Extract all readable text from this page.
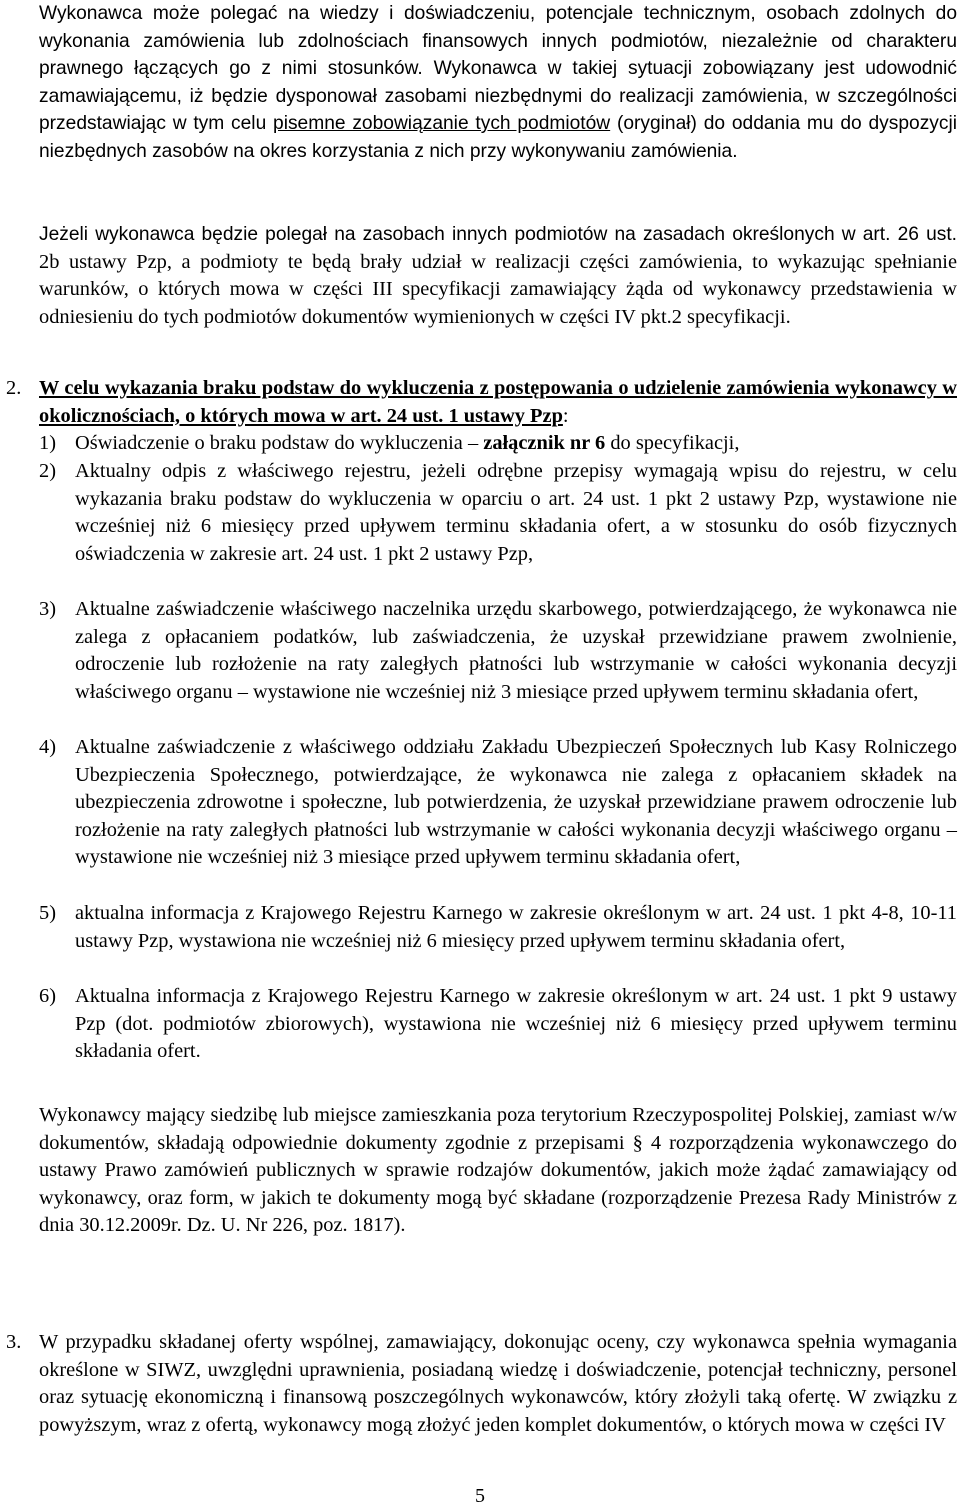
Wykonawca może polegać na wiedzy i doświadczeniu, potencjale technicznym, osobach zdolnych do wykonania zamówienia lub zdolnościach finansowych innych podmiotów, niezależnie od charakteru prawnego łączących go z nimi stosunków. Wykonawca w takiej sytuacji zobowiązany jest udowodnić zamawiającemu, iż będzie dysponował zasobami niezbędnymi do realizacji zamówienia, w szczególności przedstawiając w tym celu pisemne zobowiązanie tych podmiotów (oryginał) do oddania mu do dyspozycji niezbędnych zasobów na okres korzystania z nich przy wykonywaniu zamówienia.
Jeżeli wykonawca będzie polegał na zasobach innych podmiotów na zasadach określonych w art. 26 ust. 2b ustawy Pzp, a podmioty te będą brały udział w realizacji części zamówienia, to wykazując spełnianie warunków, o których mowa w części III specyfikacji zamawiający żąda od wykonawcy przedstawienia w odniesieniu do tych podmiotów dokumentów wymienionych w części IV pkt.2 specyfikacji.
2. W celu wykazania braku podstaw do wykluczenia z postępowania o udzielenie zamówienia wykonawcy w okolicznościach, o których mowa w art. 24 ust. 1 ustawy Pzp:
1) Oświadczenie o braku podstaw do wykluczenia – załącznik nr 6 do specyfikacji,
2) Aktualny odpis z właściwego rejestru, jeżeli odrębne przepisy wymagają wpisu do rejestru, w celu wykazania braku podstaw do wykluczenia w oparciu o art. 24 ust. 1 pkt 2 ustawy Pzp, wystawione nie wcześniej niż 6 miesięcy przed upływem terminu składania ofert, a w stosunku do osób fizycznych oświadczenia w zakresie art. 24 ust. 1 pkt 2 ustawy Pzp,
3) Aktualne zaświadczenie właściwego naczelnika urzędu skarbowego, potwierdzającego, że wykonawca nie zalega z opłacaniem podatków, lub zaświadczenia, że uzyskał przewidziane prawem zwolnienie, odroczenie lub rozłożenie na raty zaległych płatności lub wstrzymanie w całości wykonania decyzji właściwego organu – wystawione nie wcześniej niż 3 miesiące przed upływem terminu składania ofert,
4) Aktualne zaświadczenie z właściwego oddziału Zakładu Ubezpieczeń Społecznych lub Kasy Rolniczego Ubezpieczenia Społecznego, potwierdzające, że wykonawca nie zalega z opłacaniem składek na ubezpieczenia zdrowotne i społeczne, lub potwierdzenia, że uzyskał przewidziane prawem odroczenie lub rozłożenie na raty zaległych płatności lub wstrzymanie w całości wykonania decyzji właściwego organu – wystawione nie wcześniej niż 3 miesiące przed upływem terminu składania ofert,
5) aktualna informacja z Krajowego Rejestru Karnego w zakresie określonym w art. 24 ust. 1 pkt 4-8, 10-11 ustawy Pzp, wystawiona nie wcześniej niż 6 miesięcy przed upływem terminu składania ofert,
6) Aktualna informacja z Krajowego Rejestru Karnego w zakresie określonym w art. 24 ust. 1 pkt 9 ustawy Pzp (dot. podmiotów zbiorowych), wystawiona nie wcześniej niż 6 miesięcy przed upływem terminu składania ofert.
Wykonawcy mający siedzibę lub miejsce zamieszkania poza terytorium Rzeczypospolitej Polskiej, zamiast w/w dokumentów, składają odpowiednie dokumenty zgodnie z przepisami § 4 rozporządzenia wykonawczego do ustawy Prawo zamówień publicznych w sprawie rodzajów dokumentów, jakich może żądać zamawiający od wykonawcy, oraz form, w jakich te dokumenty mogą być składane (rozporządzenie Prezesa Rady Ministrów z dnia 30.12.2009r. Dz. U. Nr 226, poz. 1817).
3. W przypadku składanej oferty wspólnej, zamawiający, dokonując oceny, czy wykonawca spełnia wymagania określone w SIWZ, uwzględni uprawnienia, posiadaną wiedzę i doświadczenie, potencjał techniczny, personel oraz sytuację ekonomiczną i finansową poszczególnych wykonawców, który złożyli taką ofertę. W związku z powyższym, wraz z ofertą, wykonawcy mogą złożyć jeden komplet dokumentów, o których mowa w części IV
5
